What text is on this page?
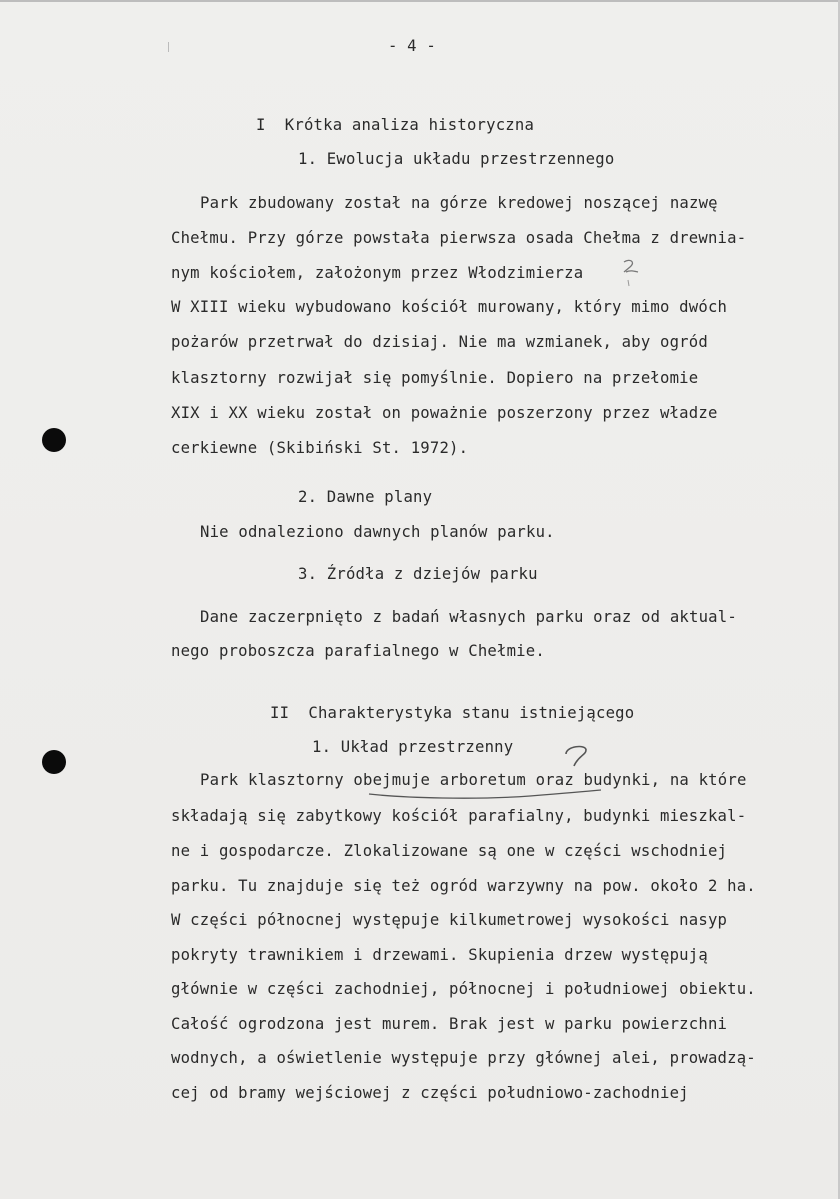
- 4 -
I  Krótka analiza historyczna
1. Ewolucja układu przestrzennego
Park zbudowany został na górze kredowej noszącej nazwę
Chełmu. Przy górze powstała pierwsza osada Chełma z drewnia-
nym kościołem, założonym przez Włodzimierza
W XIII wieku wybudowano kościół murowany, który mimo dwóch
pożarów przetrwał do dzisiaj. Nie ma wzmianek, aby ogród
klasztorny rozwijał się pomyślnie. Dopiero na przełomie
XIX i XX wieku został on poważnie poszerzony przez władze
cerkiewne (Skibiński St. 1972).
2. Dawne plany
Nie odnaleziono dawnych planów parku.
3. Źródła z dziejów parku
Dane zaczerpnięto z badań własnych parku oraz od aktual-
nego proboszcza parafialnego w Chełmie.
II  Charakterystyka stanu istniejącego
1. Układ przestrzenny
Park klasztorny obejmuje arboretum oraz budynki, na które
składają się zabytkowy kościół parafialny, budynki mieszkal-
ne i gospodarcze. Zlokalizowane są one w części wschodniej
parku. Tu znajduje się też ogród warzywny na pow. około 2 ha.
W części północnej występuje kilkumetrowej wysokości nasyp
pokryty trawnikiem i drzewami. Skupienia drzew występują
głównie w części zachodniej, północnej i południowej obiektu.
Całość ogrodzona jest murem. Brak jest w parku powierzchni
wodnych, a oświetlenie występuje przy głównej alei, prowadzą-
cej od bramy wejściowej z części południowo-zachodniej
